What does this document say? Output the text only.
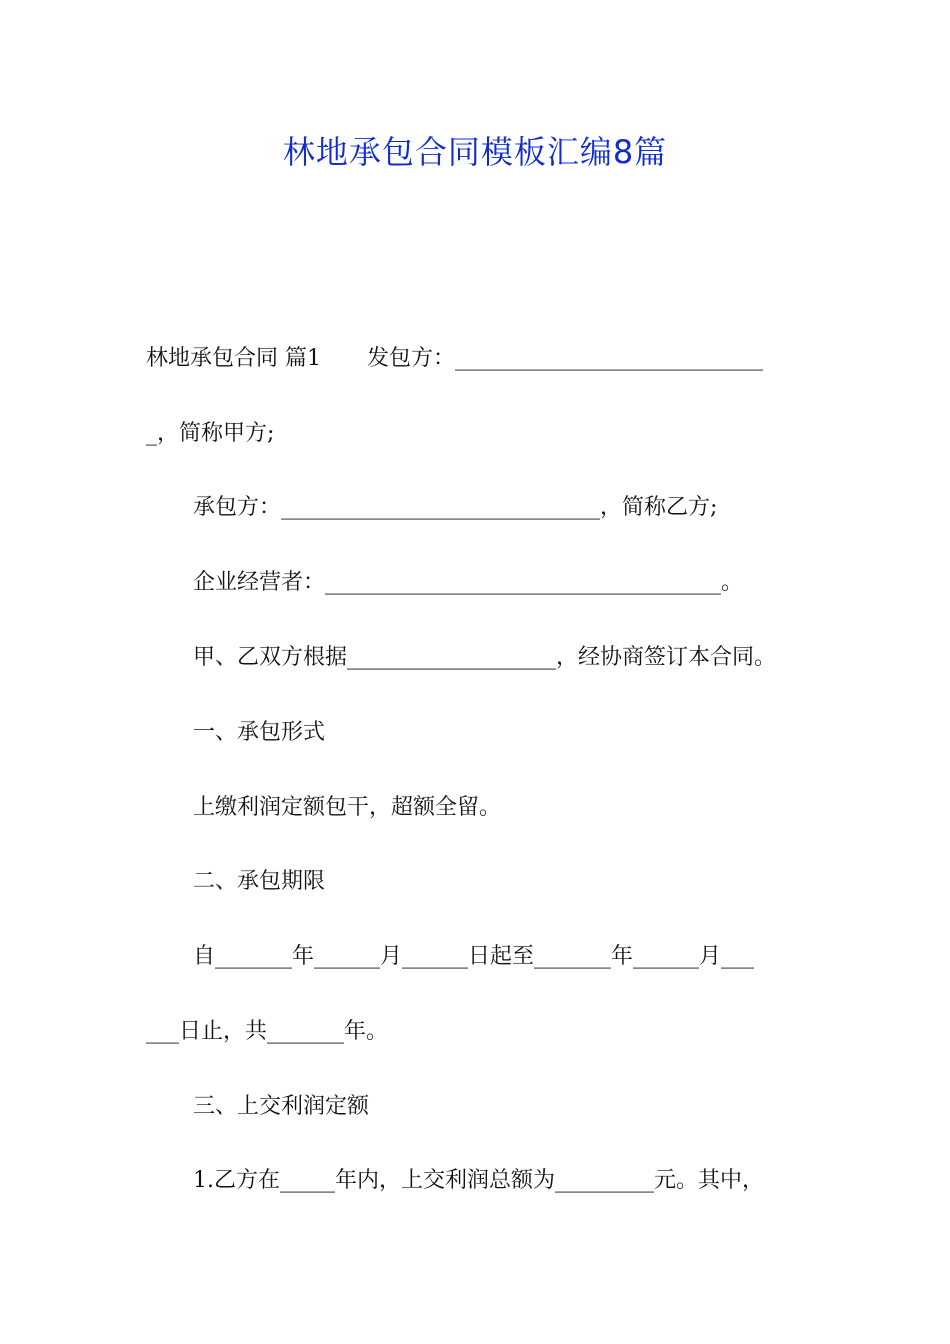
林地承包合同模板汇编8篇
林地承包合同 篇1 发包方：____________________________
_，简称甲方;
承包方：_____________________________，简称乙方;
企业经营者：____________________________________。
甲、乙双方根据___________________，经协商签订本合同。
一、承包形式
上缴利润定额包干，超额全留。
二、承包期限
自_______年______月______日起至_______年______月___
___日止，共_______年。
三、上交利润定额
1.乙方在_____年内，上交利润总额为_________元。其中，
